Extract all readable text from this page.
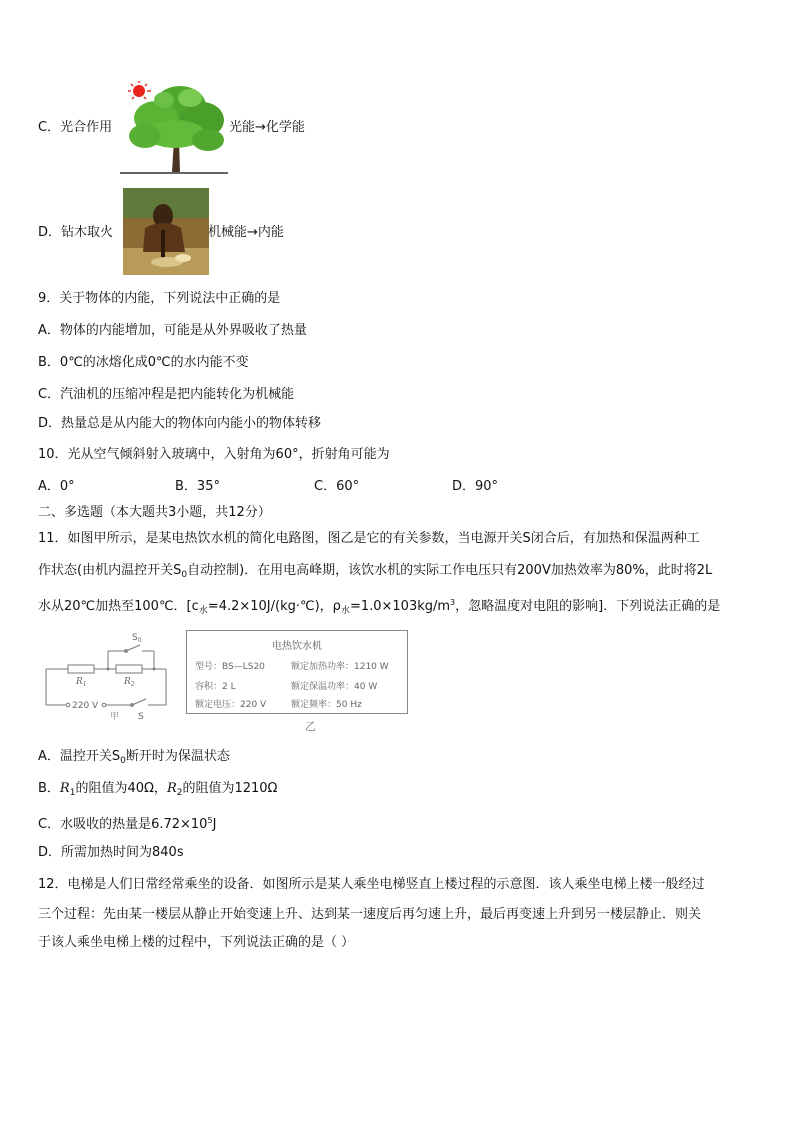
C．光合作用	光能→化学能
D．钻木取火	机械能→内能
9．关于物体的内能，下列说法中正确的是
A．物体的内能增加，可能是从外界吸收了热量
B．0℃的冰熔化成0℃的水内能不变
C．汽油机的压缩冲程是把内能转化为机械能
D．热量总是从内能大的物体向内能小的物体转移
10．光从空气倾斜射入玻璃中，入射角为60°，折射角可能为
A．0°	B．35°	C．60°	D．90°
二、多选题（本大题共3小题，共12分）
11．如图甲所示，是某电热饮水机的简化电路图，图乙是它的有关参数，当电源开关S闭合后，有加热和保温两种工
作状态(由机内温控开关$S_0$自动控制)．在用电高峰期，该饮水机的实际工作电压只有200V加热效率为80%，此时将2L
水从20℃加热至100℃．[$c_水=4.2\times 10J/(kg\cdot℃)$，$\rho_水=1.0\times 103kg/m^3$，忽略温度对电阻的影响]．下列说法正确的是
$S_0$
$R_1$	$R_2$
220 V
S
甲
电热饮水机
型号：BS—LS20	额定加热功率：1210 W
容积：2 L	额定保温功率：40 W
额定电压：220 V	额定频率：50 Hz
乙
A．温控开关$S_0$断开时为保温状态
B．$R_1$的阻值为40Ω，$R_2$的阻值为1210Ω
C．水吸收的热量是$6.72\times 10^5J$
D．所需加热时间为840s
12．电梯是人们日常经常乘坐的设备．如图所示是某人乘坐电梯竖直上楼过程的示意图．该人乘坐电梯上楼一般经过
三个过程：先由某一楼层从静止开始变速上升、达到某一速度后再匀速上升，最后再变速上升到另一楼层静止．则关
于该人乘坐电梯上楼的过程中，下列说法正确的是（ ）
